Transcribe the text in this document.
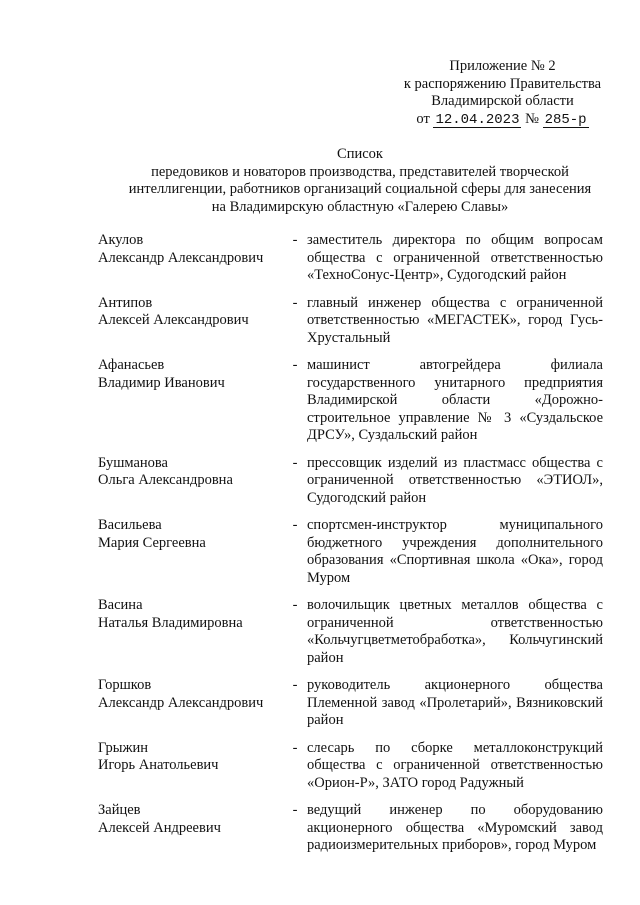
Приложение № 2
к распоряжению Правительства
Владимирской области
от 12.04.2023 № 285-р
Список
передовиков и новаторов производства, представителей творческой
интеллигенции, работников организаций социальной сферы для занесения
на Владимирскую областную «Галерею Славы»
Акулов
Александр Александрович
- заместитель директора по общим вопросам общества с ограниченной ответственностью «ТехноСонус-Центр», Судогодский район
Антипов
Алексей Александрович
- главный инженер общества с ограниченной ответственностью «МЕГАСТЕК», город Гусь-Хрустальный
Афанасьев
Владимир Иванович
- машинист автогрейдера филиала государственного унитарного предприятия Владимирской области «Дорожно-строительное управление № 3 «Суздальское ДРСУ», Суздальский район
Бушманова
Ольга Александровна
- прессовщик изделий из пластмасс общества с ограниченной ответственностью «ЭТИОЛ», Судогодский район
Васильева
Мария Сергеевна
- спортсмен-инструктор муниципального бюджетного учреждения дополнительного образования «Спортивная школа «Ока», город Муром
Васина
Наталья Владимировна
- волочильщик цветных металлов общества с ограниченной ответственностью «Кольчугцветметобработка», Кольчугинский район
Горшков
Александр Александрович
- руководитель акционерного общества Племенной завод «Пролетарий», Вязниковский район
Грыжин
Игорь Анатольевич
- слесарь по сборке металлоконструкций общества с ограниченной ответственностью «Орион-Р», ЗАТО город Радужный
Зайцев
Алексей Андреевич
- ведущий инженер по оборудованию акционерного общества «Муромский завод радиоизмерительных приборов», город Муром
